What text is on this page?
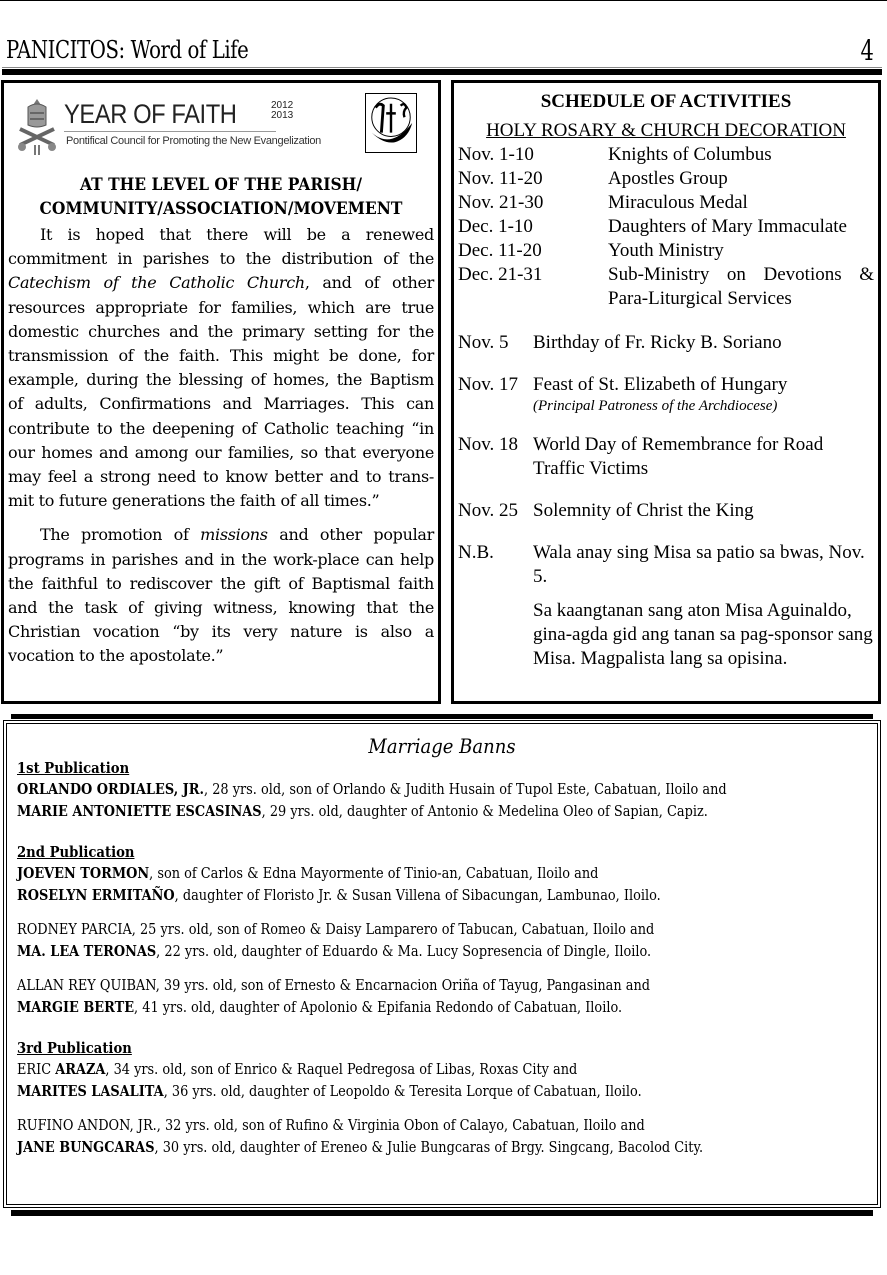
PANICITOS: Word of Life	4
YEAR OF FAITH	2012
2013
Pontifical Council for Promoting the New Evangelization
AT THE LEVEL OF THE PARISH/
COMMUNITY/ASSOCIATION/MOVEMENT

It is hoped that there will be a renewed commitment in parishes to the distribution of the Catechism of the Catholic Church, and of other resources appropriate for families, which are true domestic churches and the primary setting for the transmission of the faith. This might be done, for example, during the blessing of homes, the Baptism of adults, Confirmations and Marriages. This can contribute to the deepening of Catholic teaching “in our homes and among our families, so that everyone may feel a strong need to know better and to trans-mit to future generations the faith of all times.”

The promotion of missions and other popular programs in parishes and in the work-place can help the faithful to rediscover the gift of Baptismal faith and the task of giving witness, knowing that the Christian vocation “by its very nature is also a vocation to the apostolate.”

SCHEDULE OF ACTIVITIES
HOLY ROSARY & CHURCH DECORATION
Nov. 1-10	Knights of Columbus
Nov. 11-20	Apostles Group
Nov. 21-30	Miraculous Medal
Dec. 1-10	Daughters of Mary Immaculate
Dec. 11-20	Youth Ministry
Dec. 21-31	Sub-Ministry on Devotions & Para-Liturgical Services
Nov. 5	Birthday of Fr. Ricky B. Soriano
Nov. 17 Feast of St. Elizabeth of Hungary
(Principal Patroness of the Archdiocese)
Nov. 18 World Day of Remembrance for Road Traffic Victims
Nov. 25 Solemnity of Christ the King
N.B.	Wala anay sing Misa sa patio sa bwas, Nov. 5.

Sa kaangtanan sang aton Misa Aguinaldo, gina-agda gid ang tanan sa pag-sponsor sang Misa. Magpalista lang sa opisina.

Marriage Banns
1st Publication
ORLANDO ORDIALES, JR., 28 yrs. old, son of Orlando & Judith Husain of Tupol Este, Cabatuan, Iloilo and
MARIE ANTONIETTE ESCASINAS, 29 yrs. old, daughter of Antonio & Medelina Oleo of Sapian, Capiz.
2nd Publication
JOEVEN TORMON, son of Carlos & Edna Mayormente of Tinio-an, Cabatuan, Iloilo and
ROSELYN ERMITAÑO, daughter of Floristo Jr. & Susan Villena of Sibacungan, Lambunao, Iloilo.
RODNEY PARCIA, 25 yrs. old, son of Romeo & Daisy Lamparero of Tabucan, Cabatuan, Iloilo and
MA. LEA TERONAS, 22 yrs. old, daughter of Eduardo & Ma. Lucy Sopresencia of Dingle, Iloilo.
ALLAN REY QUIBAN, 39 yrs. old, son of Ernesto & Encarnacion Oriña of Tayug, Pangasinan and
MARGIE BERTE, 41 yrs. old, daughter of Apolonio & Epifania Redondo of Cabatuan, Iloilo.
3rd Publication
ERIC ARAZA, 34 yrs. old, son of Enrico & Raquel Pedregosa of Libas, Roxas City and
MARITES LASALITA, 36 yrs. old, daughter of Leopoldo & Teresita Lorque of Cabatuan, Iloilo.
RUFINO ANDON, JR., 32 yrs. old, son of Rufino & Virginia Obon of Calayo, Cabatuan, Iloilo and
JANE BUNGCARAS, 30 yrs. old, daughter of Ereneo & Julie Bungcaras of Brgy. Singcang, Bacolod City.
